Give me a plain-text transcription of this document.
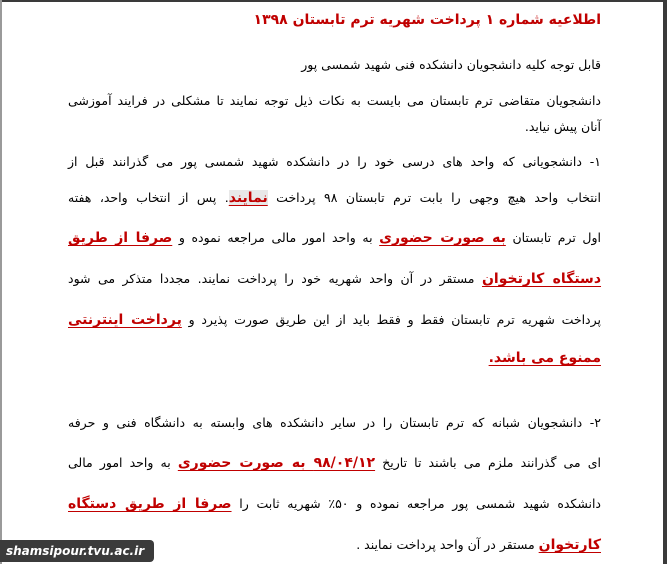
اطلاعیه شماره ۱ پرداخت شهریه ترم تابستان ۱۳۹۸
قابل توجه کلیه دانشجویان دانشکده فنی شهید شمسی پور
دانشجویان متقاضی ترم تابستان می بایست به نکات ذیل توجه نمایند تا مشکلی در فرایند آموزشی
آنان پیش نیاید.
۱- دانشجویانی که واحد های درسی خود را در دانشکده شهید شمسی پور می گذرانند قبل از
انتخاب واحد هیچ وجهی را بابت ترم تابستان ۹۸ پرداخت نمایند. پس از انتخاب واحد، هفته
اول ترم تابستان به صورت حضوری به واحد امور مالی مراجعه نموده و صرفا از طریق
دستگاه کارتخوان مستقر در آن واحد شهریه خود را پرداخت نمایند. مجددا متذکر می شود
پرداخت شهریه ترم تابستان فقط و فقط باید از این طریق صورت پذیرد و پرداخت اینترنتی
ممنوع می باشد.
۲- دانشجویان شبانه که ترم تابستان را در سایر دانشکده های وابسته به دانشگاه فنی و حرفه
ای می گذرانند ملزم می باشند تا تاریخ ۹۸/۰۴/۱۲ به صورت حضوری به واحد امور مالی
دانشکده شهید شمسی پور مراجعه نموده و ۵۰٪ شهریه ثابت را صرفا از طریق دستگاه
کارتخوان مستقر در آن واحد پرداخت نمایند .
shamsipour.tvu.ac.ir
